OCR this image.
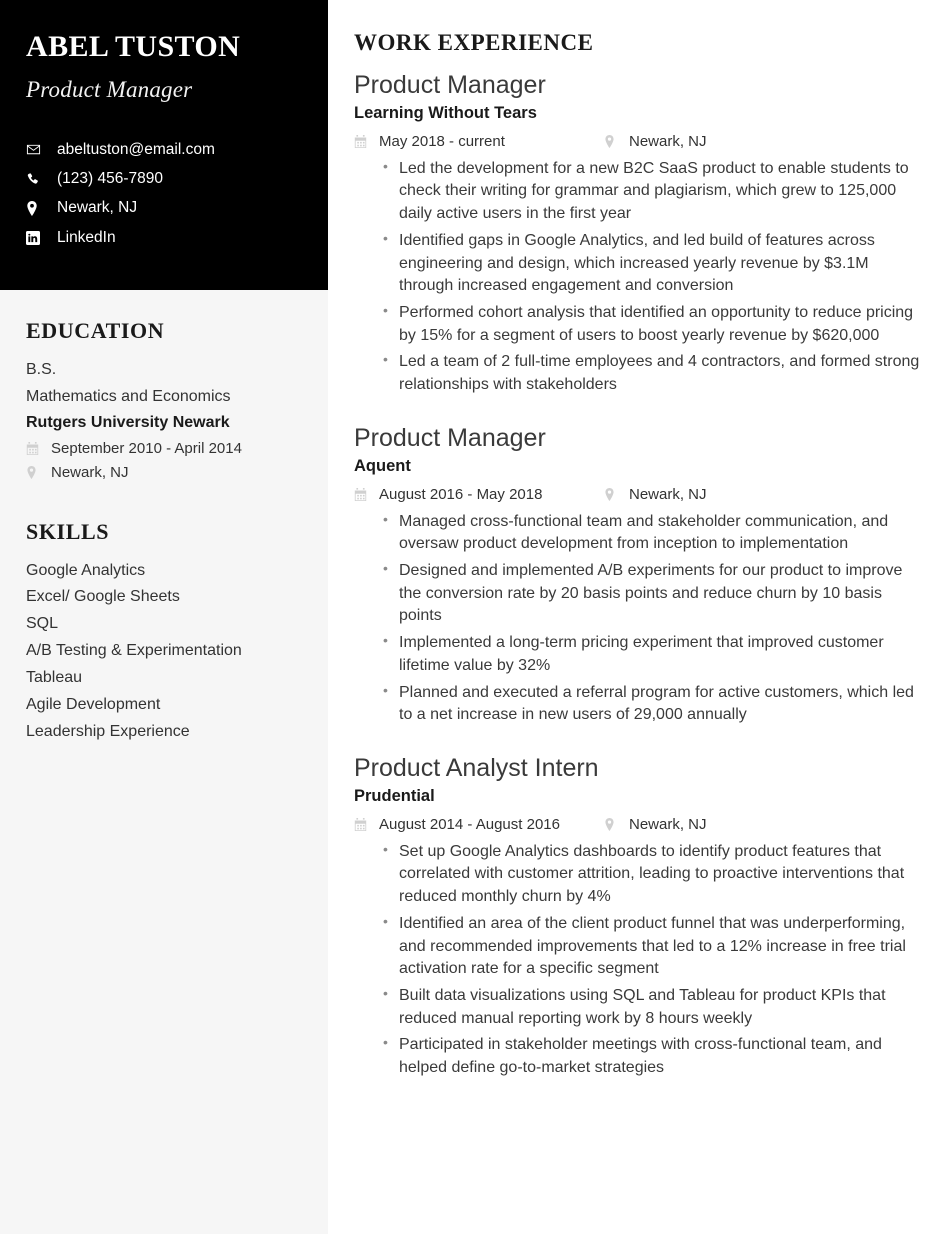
ABEL TUSTON
Product Manager
abeltuston@email.com
(123) 456-7890
Newark, NJ
LinkedIn
EDUCATION
B.S.
Mathematics and Economics
Rutgers University Newark
September 2010 - April 2014
Newark, NJ
SKILLS
Google Analytics
Excel/ Google Sheets
SQL
A/B Testing & Experimentation
Tableau
Agile Development
Leadership Experience
WORK EXPERIENCE
Product Manager
Learning Without Tears
May 2018 - current	Newark, NJ
• Led the development for a new B2C SaaS product to enable students to check their writing for grammar and plagiarism, which grew to 125,000 daily active users in the first year
• Identified gaps in Google Analytics, and led build of features across engineering and design, which increased yearly revenue by $3.1M through increased engagement and conversion
• Performed cohort analysis that identified an opportunity to reduce pricing by 15% for a segment of users to boost yearly revenue by $620,000
• Led a team of 2 full-time employees and 4 contractors, and formed strong relationships with stakeholders
Product Manager
Aquent
August 2016 - May 2018	Newark, NJ
• Managed cross-functional team and stakeholder communication, and oversaw product development from inception to implementation
• Designed and implemented A/B experiments for our product to improve the conversion rate by 20 basis points and reduce churn by 10 basis points
• Implemented a long-term pricing experiment that improved customer lifetime value by 32%
• Planned and executed a referral program for active customers, which led to a net increase in new users of 29,000 annually
Product Analyst Intern
Prudential
August 2014 - August 2016	Newark, NJ
• Set up Google Analytics dashboards to identify product features that correlated with customer attrition, leading to proactive interventions that reduced monthly churn by 4%
• Identified an area of the client product funnel that was underperforming, and recommended improvements that led to a 12% increase in free trial activation rate for a specific segment
• Built data visualizations using SQL and Tableau for product KPIs that reduced manual reporting work by 8 hours weekly
• Participated in stakeholder meetings with cross-functional team, and helped define go-to-market strategies
